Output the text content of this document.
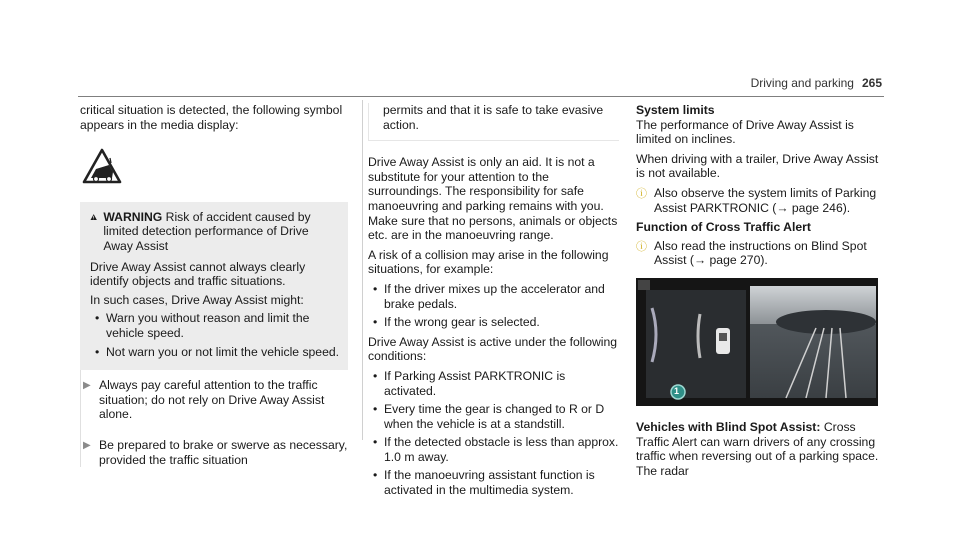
Driving and parking 265

critical situation is detected, the following symbol appears in the media display:

WARNING Risk of accident caused by limited detection performance of Drive Away Assist

Drive Away Assist cannot always clearly identify objects and traffic situations.

In such cases, Drive Away Assist might:

• Warn you without reason and limit the vehicle speed.
• Not warn you or not limit the vehicle speed.
▶ Always pay careful attention to the traffic situation; do not rely on Drive Away Assist alone.
▶ Be prepared to brake or swerve as necessary, provided the traffic situation
permits and that it is safe to take evasive action.

Drive Away Assist is only an aid. It is not a substitute for your attention to the surroundings. The responsibility for safe manoeuvring and parking remains with you. Make sure that no persons, animals or objects etc. are in the manoeuvring range.

A risk of a collision may arise in the following situations, for example:

• If the driver mixes up the accelerator and brake pedals.
• If the wrong gear is selected.

Drive Away Assist is active under the following conditions:

• If Parking Assist PARKTRONIC is activated.
• Every time the gear is changed to R or D when the vehicle is at a standstill.
• If the detected obstacle is less than approx. 1.0 m away.
• If the manoeuvring assistant function is activated in the multimedia system.

System limits

The performance of Drive Away Assist is limited on inclines.

When driving with a trailer, Drive Away Assist is not available.

ⓘ Also observe the system limits of Parking Assist PARKTRONIC (→ page 246).

Function of Cross Traffic Alert

ⓘ Also read the instructions on Blind Spot Assist (→ page 270).
1

Vehicles with Blind Spot Assist: Cross Traffic Alert can warn drivers of any crossing traffic when reversing out of a parking space. The radar
